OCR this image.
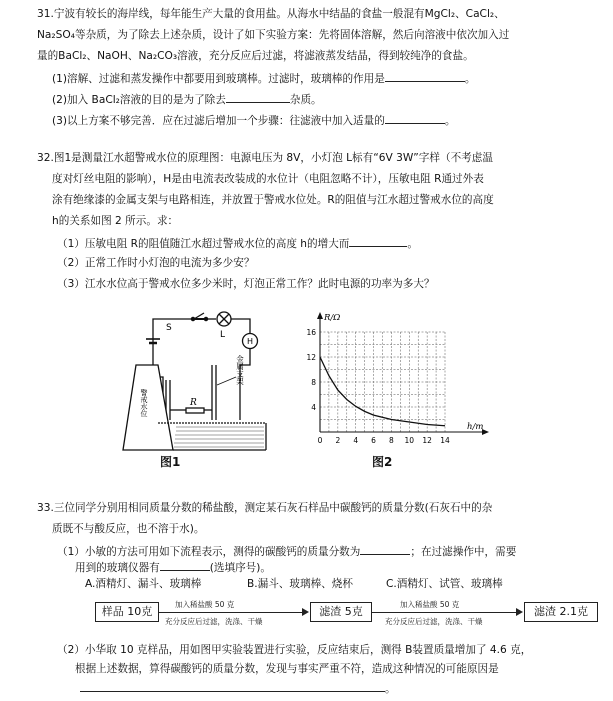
31.宁波有较长的海岸线，每年能生产大量的食用盐。从海水中结晶的食盐一般混有MgCl₂、CaCl₂、
Na₂SO₄等杂质，为了除去上述杂质，设计了如下实验方案：先将固体溶解，然后向溶液中依次加入过
量的BaCl₂、NaOH、Na₂CO₃溶液，充分反应后过滤，将滤液蒸发结晶，得到较纯净的食盐。
(1)溶解、过滤和蒸发操作中都要用到玻璃棒。过滤时，玻璃棒的作用是	。
(2)加入 BaCl₂溶液的目的是为了除去	杂质。
(3)以上方案不够完善．应在过滤后增加一个步骤：往滤液中加入适量的	。
32.图1是测量江水超警戒水位的原理图：电源电压为 8V，小灯泡 L标有“6V 3W”字样（不考虑温
度对灯丝电阻的影响），H是由电流表改装成的水位计（电阻忽略不计），压敏电阻 R通过外表
涂有绝缘漆的金属支架与电路相连，并放置于警戒水位处。R的阻值与江水超过警戒水位的高度
h的关系如图 2 所示。求：
（1）压敏电阻 R的阻值随江水超过警戒水位的高度 h的增大而	。
（2）正常工作时小灯泡的电流为多少安？
（3）江水水位高于警戒水位多少米时，灯泡正常工作？此时电源的功率为多大？
S
L
H
R
金属支架
警戒水位
图1
h/m
R/Ω
0 2 4 6 8 10 12 14
4
8
12
16
图2
33.三位同学分别用相同质量分数的稀盐酸，测定某石灰石样品中碳酸钙的质量分数(石灰石中的杂
质既不与酸反应，也不溶于水)。
（1）小敏的方法可用如下流程表示，测得的碳酸钙的质量分数为	；在过滤操作中，需要
用到的玻璃仪器有	(选填序号)。
A.酒精灯、漏斗、玻璃棒	B.漏斗、玻璃棒、烧杯	C.酒精灯、试管、玻璃棒
样品 10克
加入稀盐酸 50 克
充分反应后过滤，洗涤、干燥
滤渣 5克
加入稀盐酸 50 克
充分反应后过滤，洗涤、干燥
滤渣 2.1克
（2）小华取 10 克样品，用如图甲实验装置进行实验，反应结束后，测得 B装置质量增加了 4.6 克，
根据上述数据，算得碳酸钙的质量分数，发现与事实严重不符，造成这种情况的可能原因是
。
